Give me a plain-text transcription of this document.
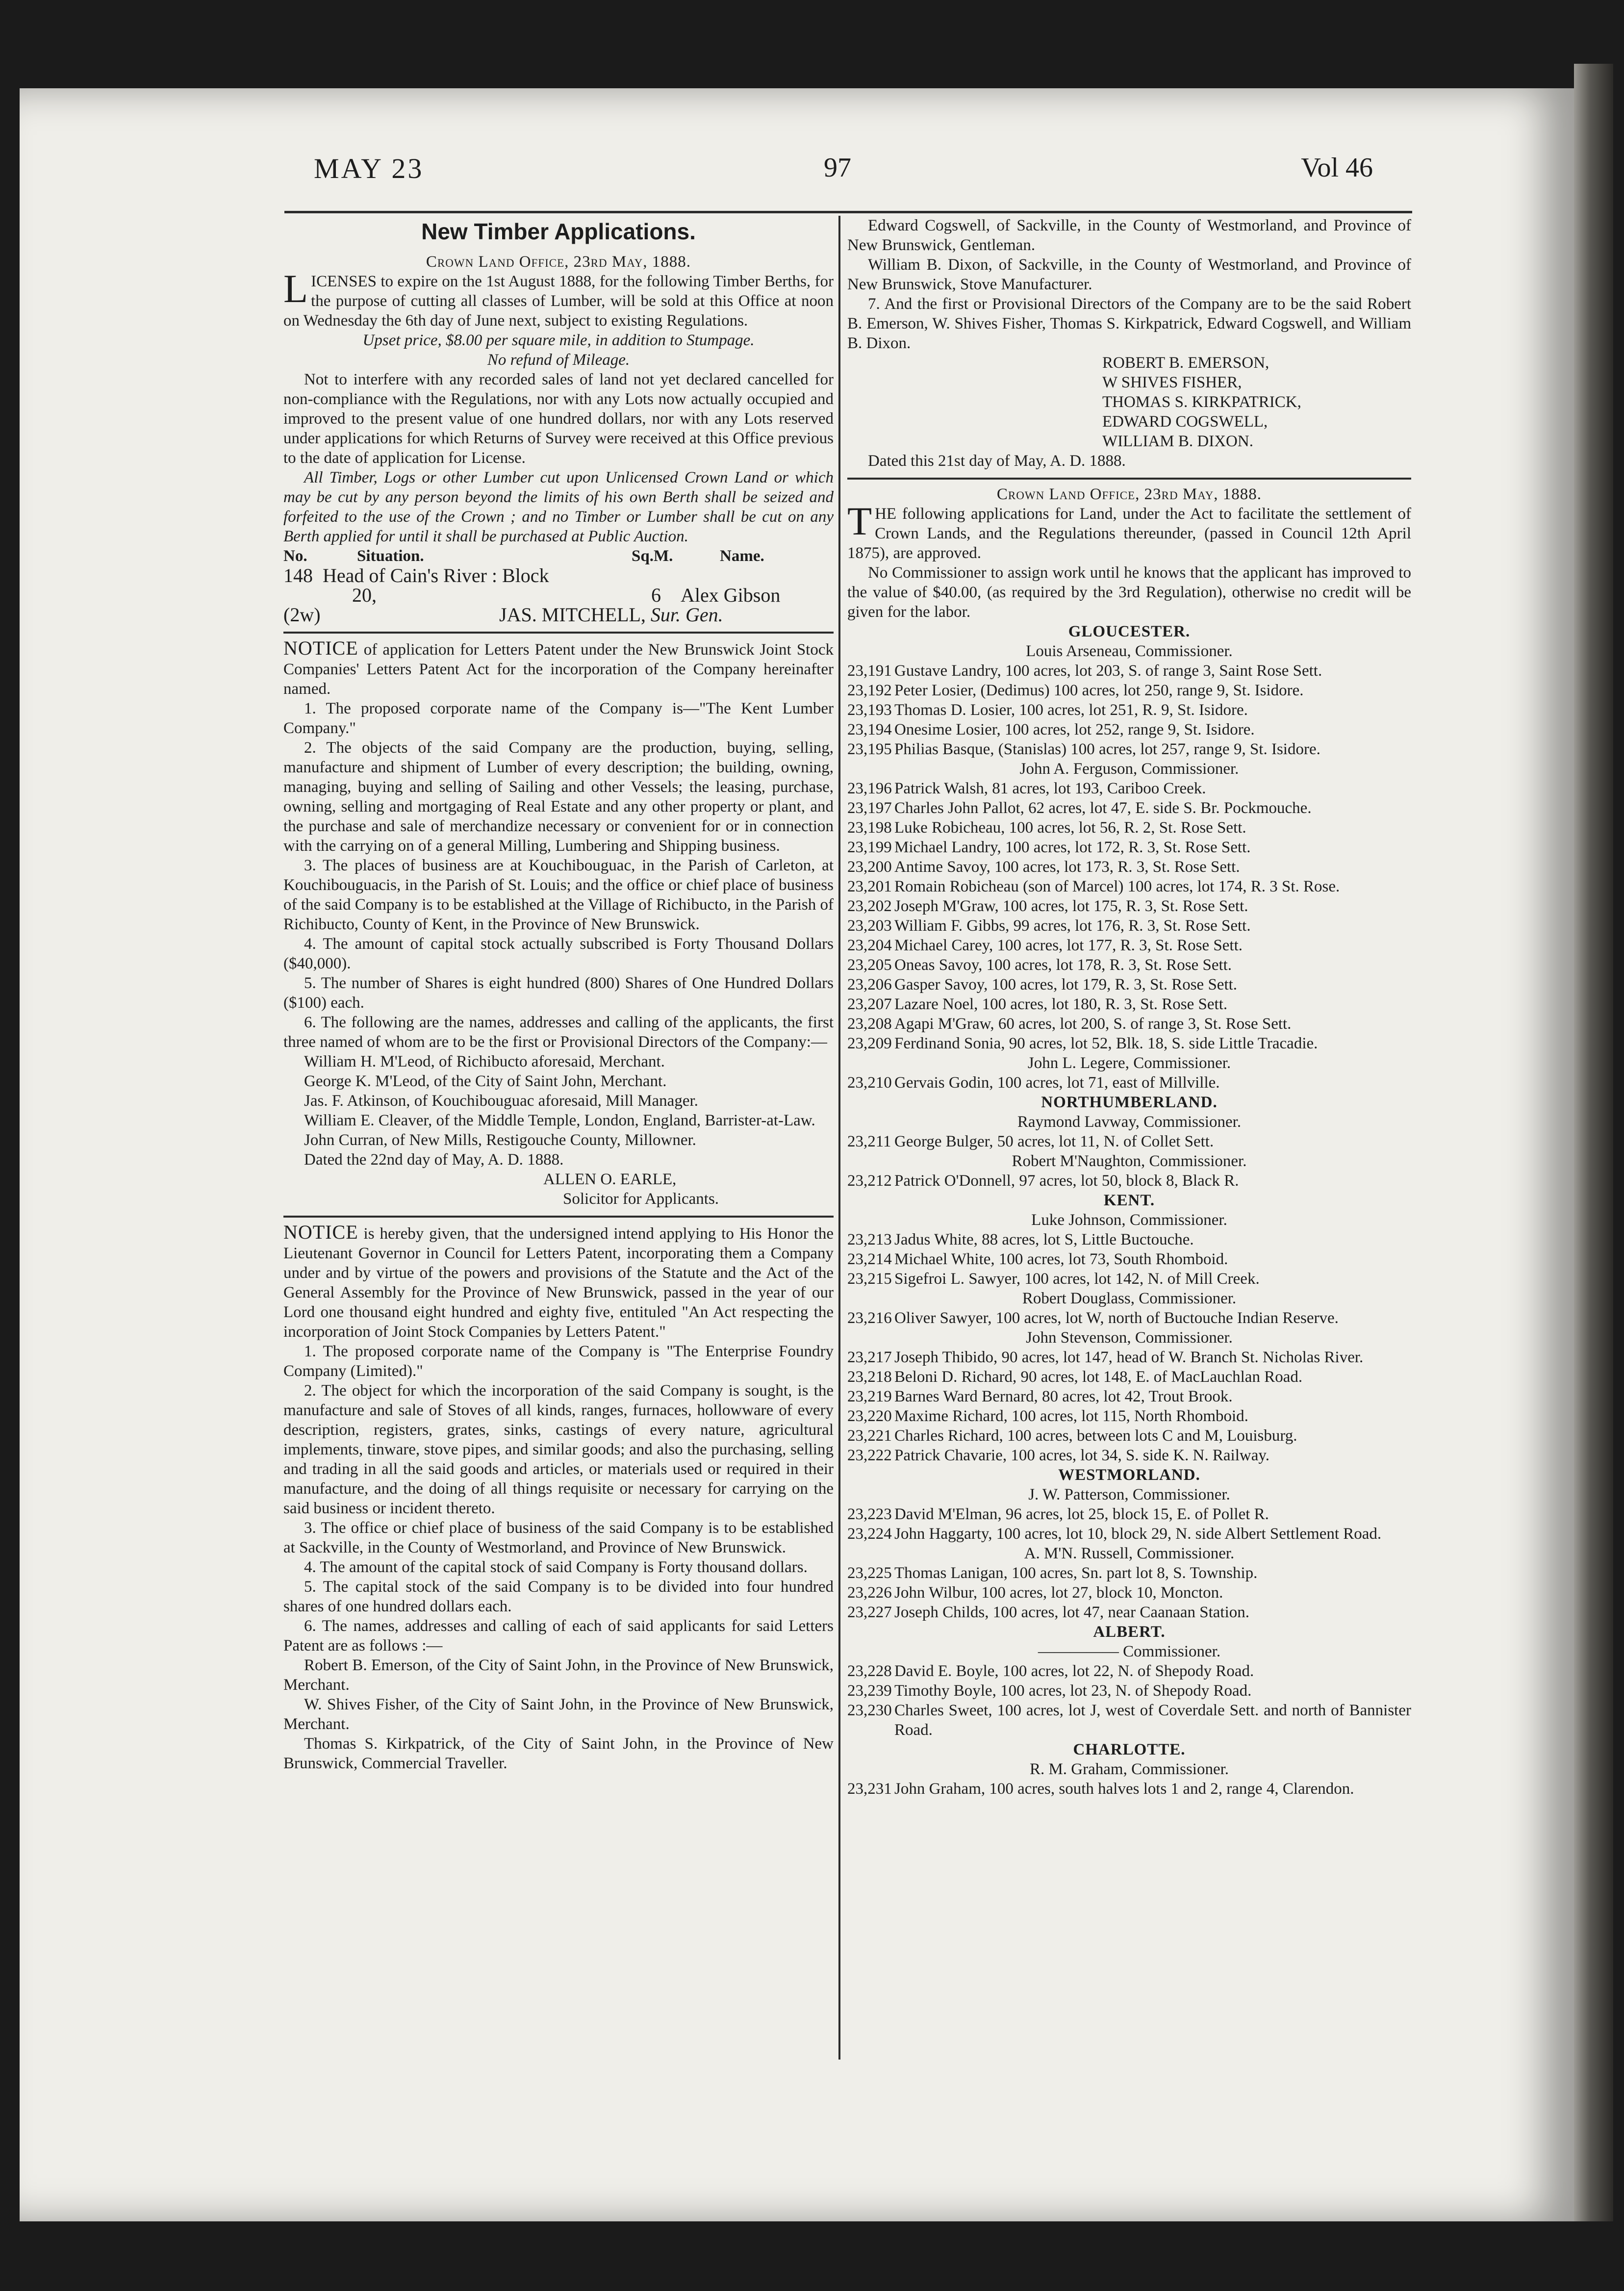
MAY 23	97	Vol 46
New Timber Applications.

Crown Land Office, 23rd May, 1888.

LICENSES to expire on the 1st August 1888, for the following Timber Berths, for the purpose of cutting all classes of Lumber, will be sold at this Office at noon on Wednesday the 6th day of June next, subject to existing Regulations.

Upset price, $8.00 per square mile, in addition to Stumpage.

No refund of Mileage.

Not to interfere with any recorded sales of land not yet declared cancelled for non-compliance with the Regulations, nor with any Lots now actually occupied and improved to the present value of one hundred dollars, nor with any Lots reserved under applications for which Returns of Survey were received at this Office previous to the date of application for License.

All Timber, Logs or other Lumber cut upon Unlicensed Crown Land or which may be cut by any person beyond the limits of his own Berth shall be seized and forfeited to the use of the Crown ; and no Timber or Lumber shall be cut on any Berth applied for until it shall be purchased at Public Auction.

No.	Situation.	Sq.M.	Name.
148 Head of Cain's River : Block
20,	6	Alex Gibson
(2w)	JAS. MITCHELL,
Sur. Gen.

NOTICE of application for Letters Patent under the New Brunswick Joint Stock Companies' Letters Patent Act for the incorporation of the Company hereinafter named.

1. The proposed corporate name of the Company is—"The Kent Lumber Company."

2. The objects of the said Company are the production, buying, selling, manufacture and shipment of Lumber of every description; the building, owning, managing, buying and selling of Sailing and other Vessels; the leasing, purchase, owning, selling and mortgaging of Real Estate and any other property or plant, and the purchase and sale of merchandize necessary or convenient for or in connection with the carrying on of a general Milling, Lumbering and Shipping business.

3. The places of business are at Kouchibouguac, in the Parish of Carleton, at Kouchibouguacis, in the Parish of St. Louis; and the office or chief place of business of the said Company is to be established at the Village of Richibucto, in the Parish of Richibucto, County of Kent, in the Province of New Brunswick.

4. The amount of capital stock actually subscribed is Forty Thousand Dollars ($40,000).

5. The number of Shares is eight hundred (800) Shares of One Hundred Dollars ($100) each.

6. The following are the names, addresses and calling of the applicants, the first three named of whom are to be the first or Provisional Directors of the Company:—

William H. M'Leod, of Richibucto aforesaid, Merchant.

George K. M'Leod, of the City of Saint John, Merchant.

Jas. F. Atkinson, of Kouchibouguac aforesaid, Mill Manager.

William E. Cleaver, of the Middle Temple, London, England, Barrister-at-Law.

John Curran, of New Mills, Restigouche County, Millowner.

Dated the 22nd day of May, A. D. 1888.

ALLEN O. EARLE,

Solicitor for Applicants.

NOTICE is hereby given, that the undersigned intend applying to His Honor the Lieutenant Governor in Council for Letters Patent, incorporating them a Company under and by virtue of the powers and provisions of the Statute and the Act of the General Assembly for the Province of New Brunswick, passed in the year of our Lord one thousand eight hundred and eighty five, entituled "An Act respecting the incorporation of Joint Stock Companies by Letters Patent."

1. The proposed corporate name of the Company is "The Enterprise Foundry Company (Limited)."

2. The object for which the incorporation of the said Company is sought, is the manufacture and sale of Stoves of all kinds, ranges, furnaces, hollowware of every description, registers, grates, sinks, castings of every nature, agricultural implements, tinware, stove pipes, and similar goods; and also the purchasing, selling and trading in all the said goods and articles, or materials used or required in their manufacture, and the doing of all things requisite or necessary for carrying on the said business or incident thereto.

3. The office or chief place of business of the said Company is to be established at Sackville, in the County of Westmorland, and Province of New Brunswick.

4. The amount of the capital stock of said Company is Forty thousand dollars.

5. The capital stock of the said Company is to be divided into four hundred shares of one hundred dollars each.

6. The names, addresses and calling of each of said applicants for said Letters Patent are as follows :—

Robert B. Emerson, of the City of Saint John, in the Province of New Brunswick, Merchant.

W. Shives Fisher, of the City of Saint John, in the Province of New Brunswick, Merchant.

Thomas S. Kirkpatrick, of the City of Saint John, in the Province of New Brunswick, Commercial Traveller.

Edward Cogswell, of Sackville, in the County of Westmorland, and Province of New Brunswick, Gentleman.

William B. Dixon, of Sackville, in the County of Westmorland, and Province of New Brunswick, Stove Manufacturer.

7. And the first or Provisional Directors of the Company are to be the said Robert B. Emerson, W. Shives Fisher, Thomas S. Kirkpatrick, Edward Cogswell, and William B. Dixon.

ROBERT B. EMERSON,

W SHIVES FISHER,

THOMAS S. KIRKPATRICK,

EDWARD COGSWELL,

WILLIAM B. DIXON.

Dated this 21st day of May, A. D. 1888.

Crown Land Office, 23rd May, 1888.

THE following applications for Land, under the Act to facilitate the settlement of Crown Lands, and the Regulations thereunder, (passed in Council 12th April 1875), are approved.

No Commissioner to assign work until he knows that the applicant has improved to the value of $40.00, (as required by the 3rd Regulation), otherwise no credit will be given for the labor.

GLOUCESTER.
Louis Arseneau, Commissioner.
23,191 Gustave Landry, 100 acres, lot 203, S. of range 3, Saint Rose Sett.
23,192 Peter Losier, (Dedimus) 100 acres, lot 250, range 9, St. Isidore.
23,193 Thomas D. Losier, 100 acres, lot 251, R. 9, St. Isidore.
23,194 Onesime Losier, 100 acres, lot 252, range 9, St. Isidore.
23,195 Philias Basque, (Stanislas) 100 acres, lot 257, range 9, St. Isidore.
John A. Ferguson, Commissioner.
23,196 Patrick Walsh, 81 acres, lot 193, Cariboo Creek.
23,197 Charles John Pallot, 62 acres, lot 47, E. side S. Br. Pockmouche.
23,198 Luke Robicheau, 100 acres, lot 56, R. 2, St. Rose Sett.
23,199 Michael Landry, 100 acres, lot 172, R. 3, St. Rose Sett.
23,200 Antime Savoy, 100 acres, lot 173, R. 3, St. Rose Sett.
23,201 Romain Robicheau (son of Marcel) 100 acres, lot 174, R. 3 St. Rose.
23,202 Joseph M'Graw, 100 acres, lot 175, R. 3, St. Rose Sett.
23,203 William F. Gibbs, 99 acres, lot 176, R. 3, St. Rose Sett.
23,204 Michael Carey, 100 acres, lot 177, R. 3, St. Rose Sett.
23,205 Oneas Savoy, 100 acres, lot 178, R. 3, St. Rose Sett.
23,206 Gasper Savoy, 100 acres, lot 179, R. 3, St. Rose Sett.
23,207 Lazare Noel, 100 acres, lot 180, R. 3, St. Rose Sett.
23,208 Agapi M'Graw, 60 acres, lot 200, S. of range 3, St. Rose Sett.
23,209 Ferdinand Sonia, 90 acres, lot 52, Blk. 18, S. side Little Tracadie.
John L. Legere, Commissioner.
23,210 Gervais Godin, 100 acres, lot 71, east of Millville.
NORTHUMBERLAND.
Raymond Lavway, Commissioner.
23,211 George Bulger, 50 acres, lot 11, N. of Collet Sett.
Robert M'Naughton, Commissioner.
23,212 Patrick O'Donnell, 97 acres, lot 50, block 8, Black R.
KENT.
Luke Johnson, Commissioner.
23,213 Jadus White, 88 acres, lot S, Little Buctouche.
23,214 Michael White, 100 acres, lot 73, South Rhomboid.
23,215 Sigefroi L. Sawyer, 100 acres, lot 142, N. of Mill Creek.
Robert Douglass, Commissioner.
23,216 Oliver Sawyer, 100 acres, lot W, north of Buctouche Indian Reserve.
John Stevenson, Commissioner.
23,217 Joseph Thibido, 90 acres, lot 147, head of W. Branch St. Nicholas River.
23,218 Beloni D. Richard, 90 acres, lot 148, E. of MacLauchlan Road.
23,219 Barnes Ward Bernard, 80 acres, lot 42, Trout Brook.
23,220 Maxime Richard, 100 acres, lot 115, North Rhomboid.
23,221 Charles Richard, 100 acres, between lots C and M, Louisburg.
23,222 Patrick Chavarie, 100 acres, lot 34, S. side K. N. Railway.
WESTMORLAND.
J. W. Patterson, Commissioner.
23,223 David M'Elman, 96 acres, lot 25, block 15, E. of Pollet R.
23,224 John Haggarty, 100 acres, lot 10, block 29, N. side Albert Settlement Road.
A. M'N. Russell, Commissioner.
23,225 Thomas Lanigan, 100 acres, Sn. part lot 8, S. Township.
23,226 John Wilbur, 100 acres, lot 27, block 10, Moncton.
23,227 Joseph Childs, 100 acres, lot 47, near Caanaan Station.
ALBERT.
————— Commissioner.
23,228 David E. Boyle, 100 acres, lot 22, N. of Shepody Road.
23,239 Timothy Boyle, 100 acres, lot 23, N. of Shepody Road.
23,230 Charles Sweet, 100 acres, lot J, west of Coverdale Sett. and north of Bannister Road.
CHARLOTTE.
R. M. Graham, Commissioner.
23,231 John Graham, 100 acres, south halves lots 1 and 2, range 4, Clarendon.
